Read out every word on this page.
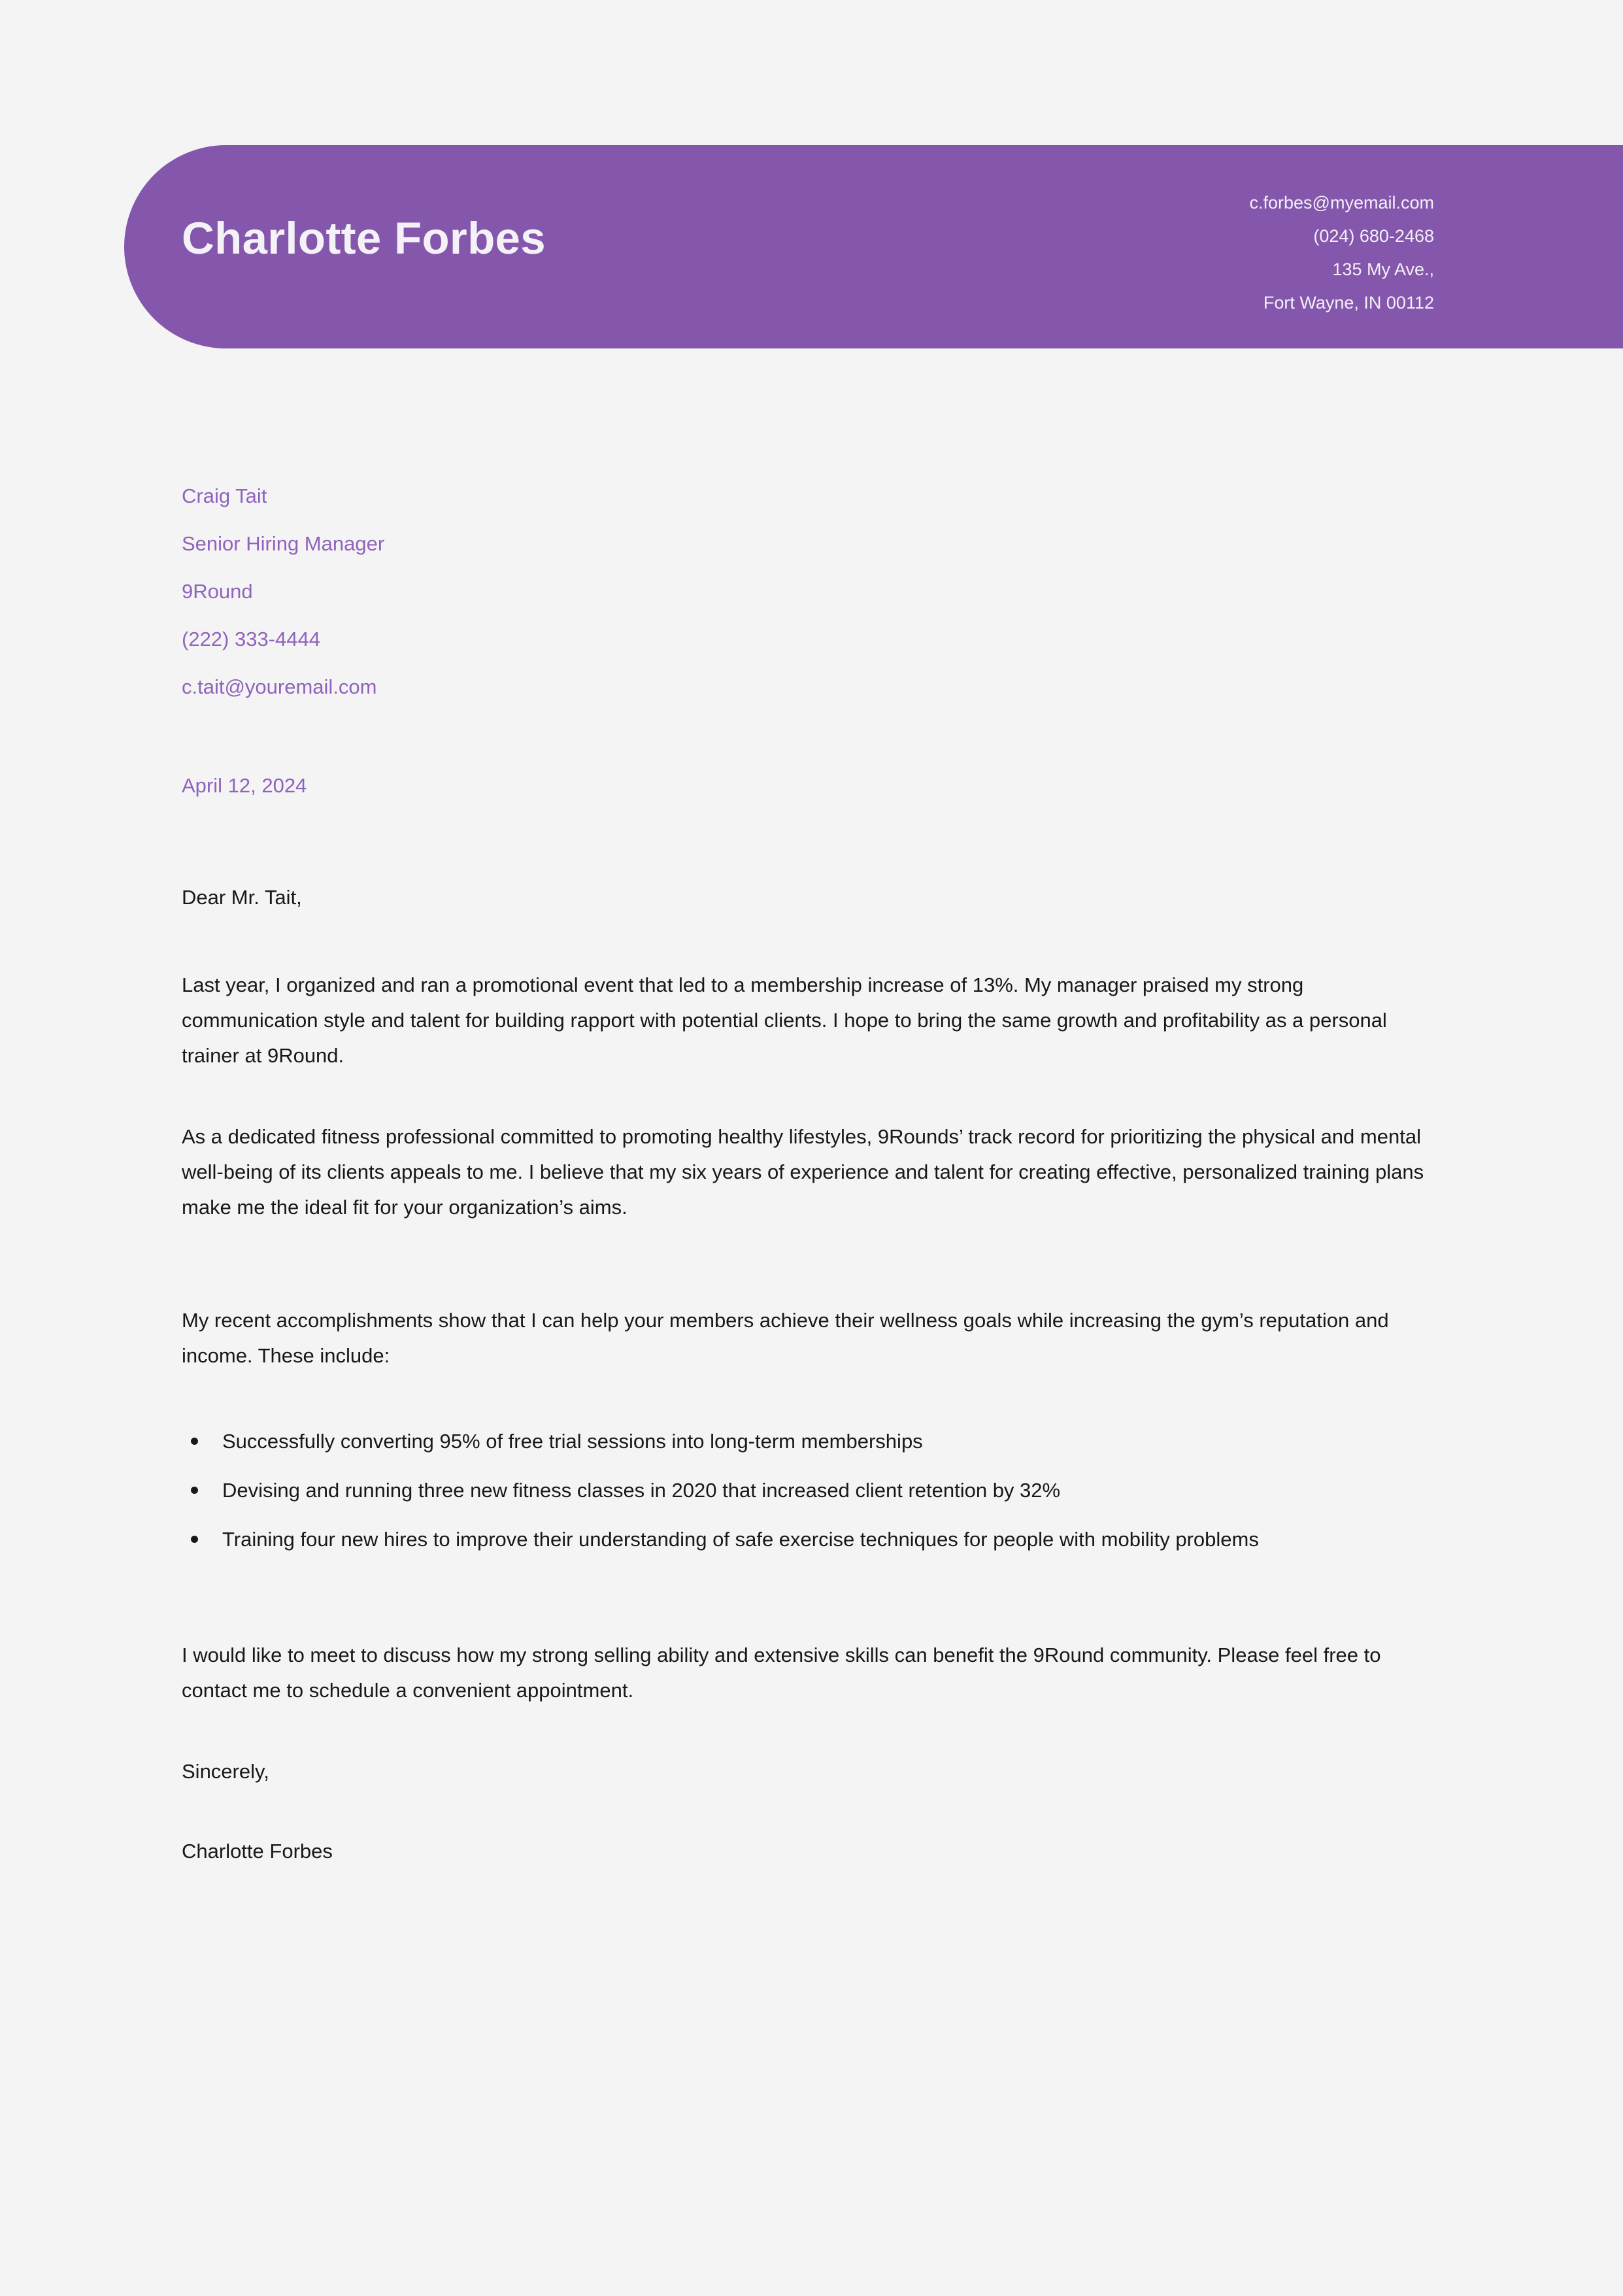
Charlotte Forbes
c.forbes@myemail.com
(024) 680-2468
135 My Ave.,
Fort Wayne, IN 00112
Craig Tait
Senior Hiring Manager
9Round
(222) 333-4444
c.tait@youremail.com
April 12, 2024
Dear Mr. Tait,
Last year, I organized and ran a promotional event that led to a membership increase of 13%. My manager praised my strong communication style and talent for building rapport with potential clients. I hope to bring the same growth and profitability as a personal trainer at 9Round.
As a dedicated fitness professional committed to promoting healthy lifestyles, 9Rounds’ track record for prioritizing the physical and mental well-being of its clients appeals to me. I believe that my six years of experience and talent for creating effective, personalized training plans make me the ideal fit for your organization’s aims.
My recent accomplishments show that I can help your members achieve their wellness goals while increasing the gym’s reputation and income. These include:
Successfully converting 95% of free trial sessions into long-term memberships
Devising and running three new fitness classes in 2020 that increased client retention by 32%
Training four new hires to improve their understanding of safe exercise techniques for people with mobility problems
I would like to meet to discuss how my strong selling ability and extensive skills can benefit the 9Round community. Please feel free to contact me to schedule a convenient appointment.
Sincerely,
Charlotte Forbes
